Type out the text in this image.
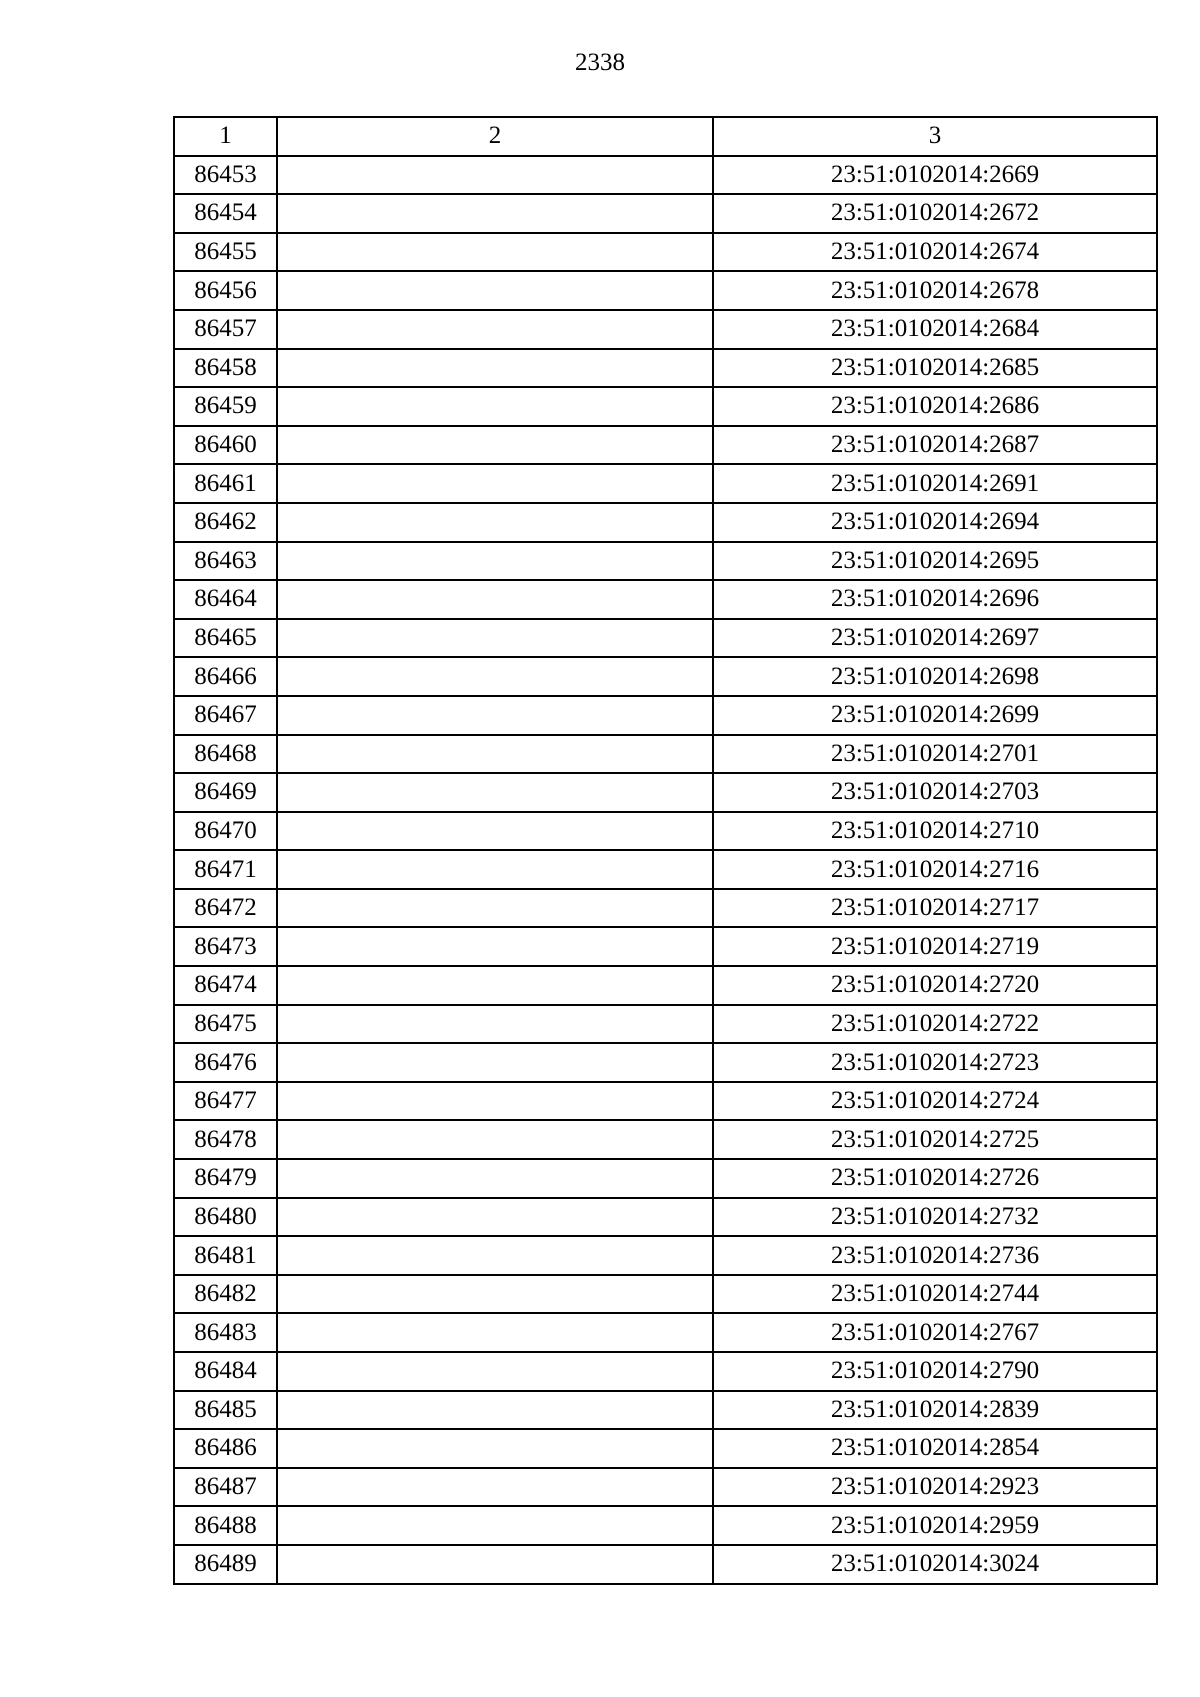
2338
1	2	3
86453		23:51:0102014:2669
86454		23:51:0102014:2672
86455		23:51:0102014:2674
86456		23:51:0102014:2678
86457		23:51:0102014:2684
86458		23:51:0102014:2685
86459		23:51:0102014:2686
86460		23:51:0102014:2687
86461		23:51:0102014:2691
86462		23:51:0102014:2694
86463		23:51:0102014:2695
86464		23:51:0102014:2696
86465		23:51:0102014:2697
86466		23:51:0102014:2698
86467		23:51:0102014:2699
86468		23:51:0102014:2701
86469		23:51:0102014:2703
86470		23:51:0102014:2710
86471		23:51:0102014:2716
86472		23:51:0102014:2717
86473		23:51:0102014:2719
86474		23:51:0102014:2720
86475		23:51:0102014:2722
86476		23:51:0102014:2723
86477		23:51:0102014:2724
86478		23:51:0102014:2725
86479		23:51:0102014:2726
86480		23:51:0102014:2732
86481		23:51:0102014:2736
86482		23:51:0102014:2744
86483		23:51:0102014:2767
86484		23:51:0102014:2790
86485		23:51:0102014:2839
86486		23:51:0102014:2854
86487		23:51:0102014:2923
86488		23:51:0102014:2959
86489		23:51:0102014:3024
